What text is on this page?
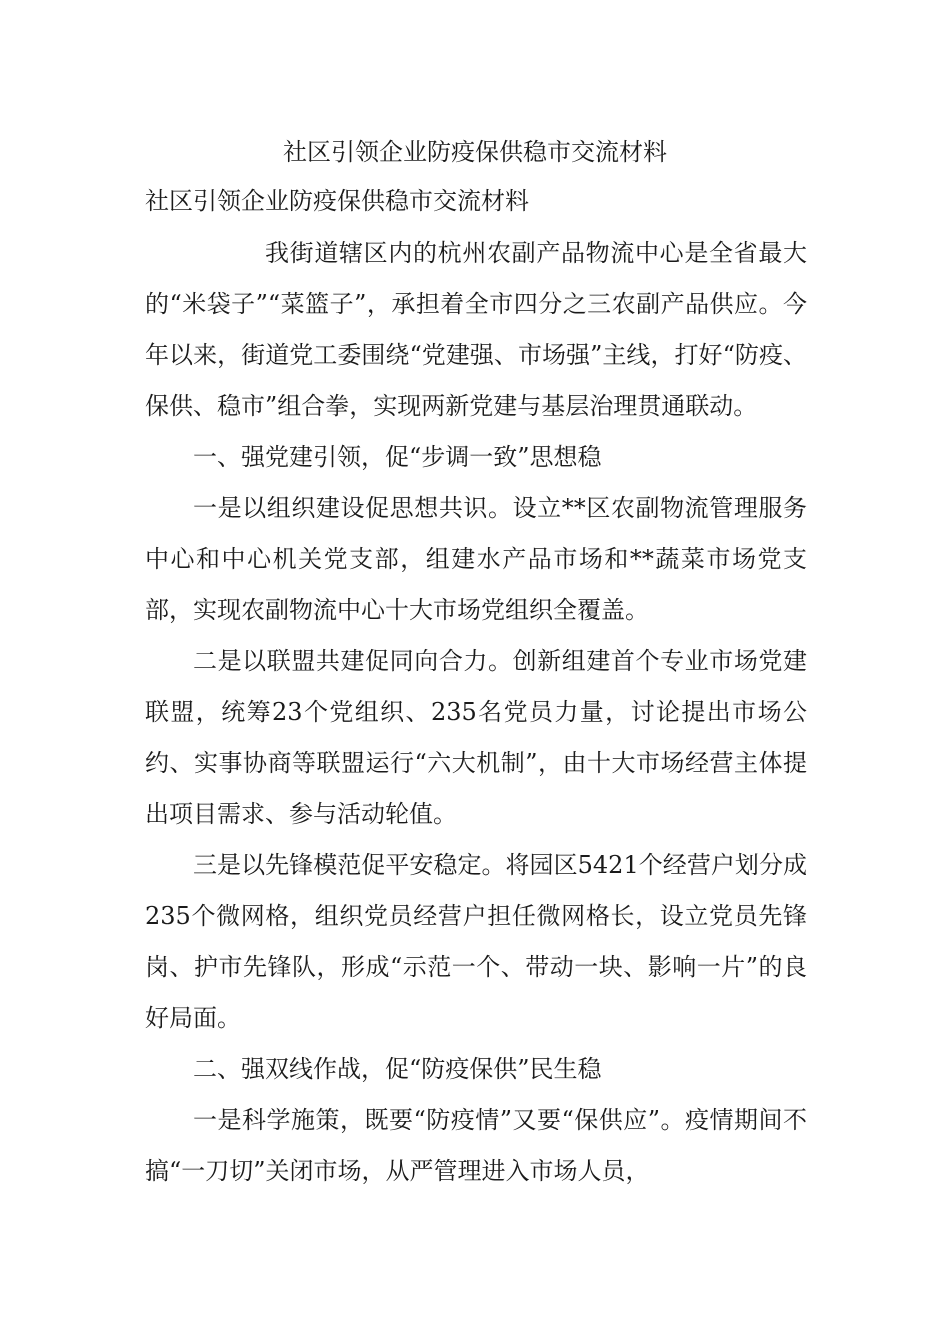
社区引领企业防疫保供稳市交流材料
社区引领企业防疫保供稳市交流材料

我街道辖区内的杭州农副产品物流中心是全省最大的“米袋子”“菜篮子”，承担着全市四分之三农副产品供应。今年以来，街道党工委围绕“党建强、市场强”主线，打好“防疫、保供、稳市”组合拳，实现两新党建与基层治理贯通联动。

一、强党建引领，促“步调一致”思想稳

一是以组织建设促思想共识。设立**区农副物流管理服务中心和中心机关党支部，组建水产品市场和**蔬菜市场党支部，实现农副物流中心十大市场党组织全覆盖。

二是以联盟共建促同向合力。创新组建首个专业市场党建联盟，统筹23个党组织、235名党员力量，讨论提出市场公约、实事协商等联盟运行“六大机制”，由十大市场经营主体提出项目需求、参与活动轮值。

三是以先锋模范促平安稳定。将园区5421个经营户划分成235个微网格，组织党员经营户担任微网格长，设立党员先锋岗、护市先锋队，形成“示范一个、带动一块、影响一片”的良好局面。

二、强双线作战，促“防疫保供”民生稳

一是科学施策，既要“防疫情”又要“保供应”。疫情期间不搞“一刀切”关闭市场，从严管理进入市场人员，
